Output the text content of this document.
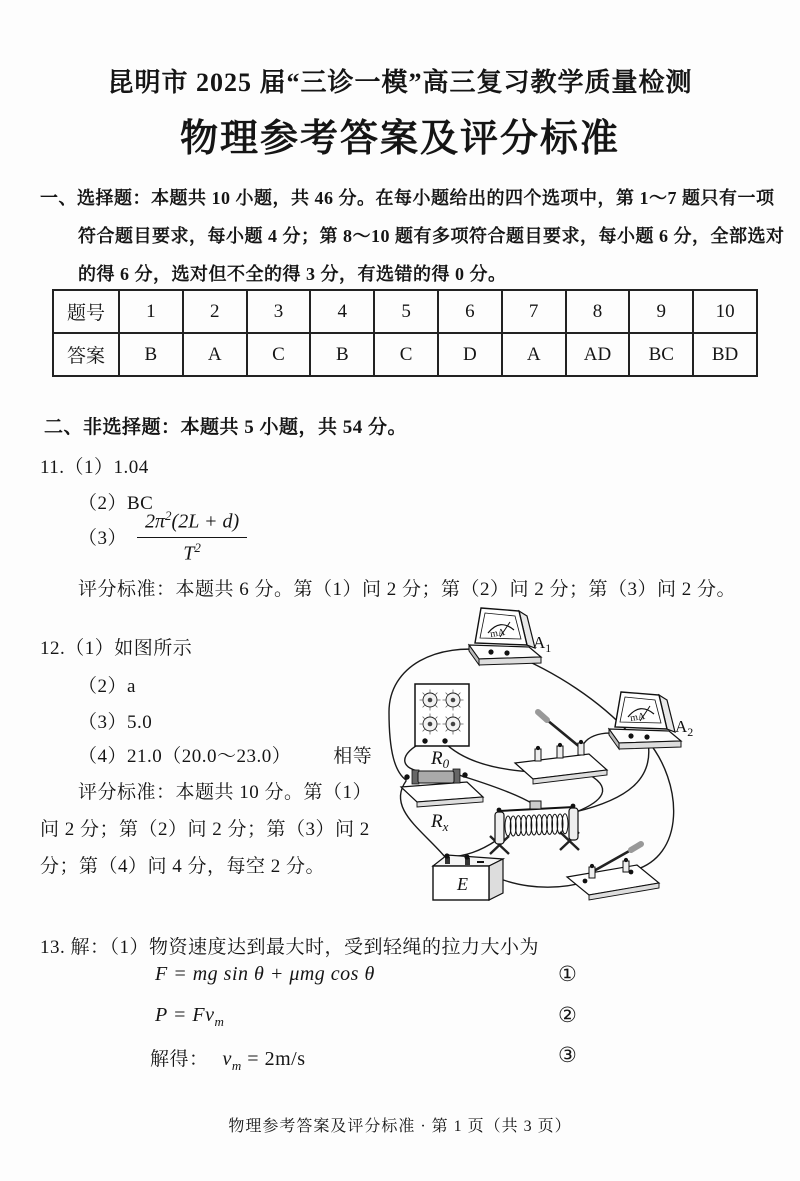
昆明市 2025 届“三诊一模”高三复习教学质量检测
物理参考答案及评分标准
一、选择题：本题共 10 小题，共 46 分。在每小题给出的四个选项中，第 1～7 题只有一项
符合题目要求，每小题 4 分；第 8～10 题有多项符合题目要求，每小题 6 分，全部选对
的得 6 分，选对但不全的得 3 分，有选错的得 0 分。
题号	1	2	3	4	5	6	7	8	9	10
答案	B	A	C	B	C	D	A	AD	BC	BD
二、非选择题：本题共 5 小题，共 54 分。
11.（1）1.04
（2）BC
$(3) \frac{2\pi^2(2L + d)}{T^2}$
评分标准：本题共 6 分。第（1）问 2 分；第（2）问 2 分；第（3）问 2 分。
12.（1）如图所示
（2）a
（3）5.0
（4）21.0（20.0～23.0） 相等
评分标准：本题共 10 分。第（1）
问 2 分；第（2）问 2 分；第（3）问 2
分；第（4）问 4 分，每空 2 分。
mA $A_1$
mA $A_2$
$R_0$
$R_x$
E
13. 解：（1）物资速度达到最大时，受到轻绳的拉力大小为
F = mg sin θ + μmg cos θ	①
$P = Fv_m$	②
解得： $v_m = 2m/s$	③
物理参考答案及评分标准 · 第 1 页（共 3 页）
